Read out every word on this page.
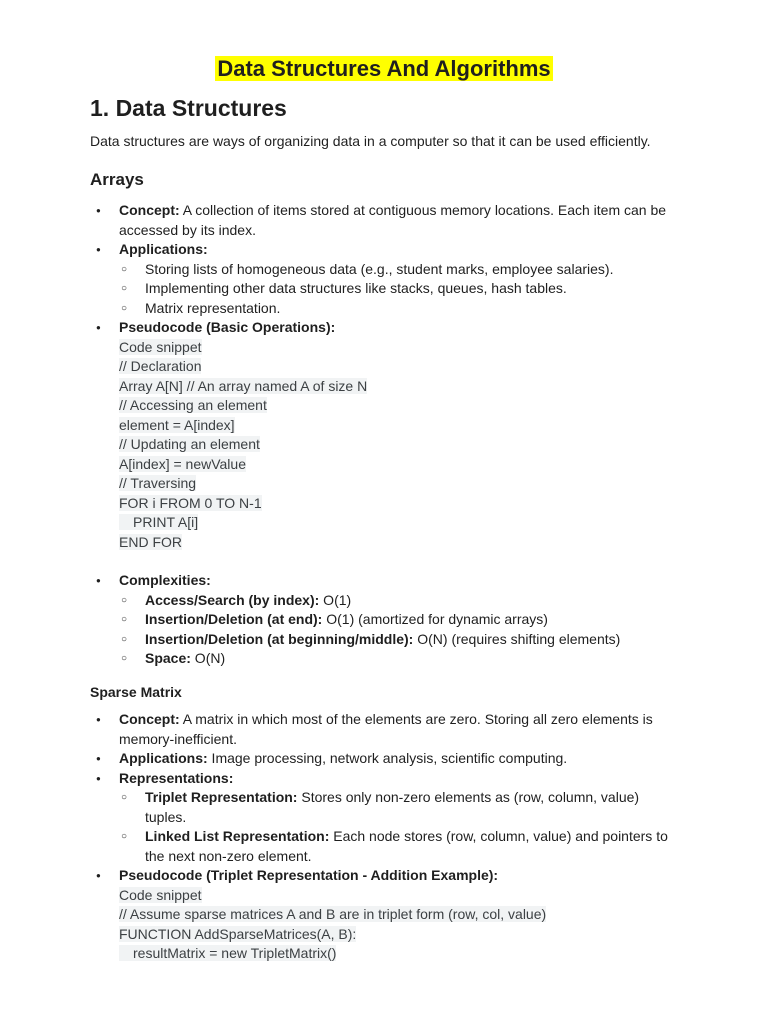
Data Structures And Algorithms
1. Data Structures

Data structures are ways of organizing data in a computer so that it can be used efficiently.

Arrays
● Concept: A collection of items stored at contiguous memory locations. Each item can be accessed by its index.
● Applications:
○ Storing lists of homogeneous data (e.g., student marks, employee salaries).
○ Implementing other data structures like stacks, queues, hash tables.
○ Matrix representation.
● Pseudocode (Basic Operations):
Code snippet
// Declaration
Array A[N] // An array named A of size N
// Accessing an element
element = A[index]
// Updating an element
A[index] = newValue
// Traversing
FOR i FROM 0 TO N-1
PRINT A[i]
END FOR
● Complexities:
○ Access/Search (by index): O(1)
○ Insertion/Deletion (at end): O(1) (amortized for dynamic arrays)
○ Insertion/Deletion (at beginning/middle): O(N) (requires shifting elements)
○ Space: O(N)
Sparse Matrix
● Concept: A matrix in which most of the elements are zero. Storing all zero elements is memory-inefficient.
● Applications: Image processing, network analysis, scientific computing.
● Representations:
○ Triplet Representation: Stores only non-zero elements as (row, column, value) tuples.
○ Linked List Representation: Each node stores (row, column, value) and pointers to the next non-zero element.
● Pseudocode (Triplet Representation - Addition Example):
Code snippet
// Assume sparse matrices A and B are in triplet form (row, col, value)
FUNCTION AddSparseMatrices(A, B):
resultMatrix = new TripletMatrix()
